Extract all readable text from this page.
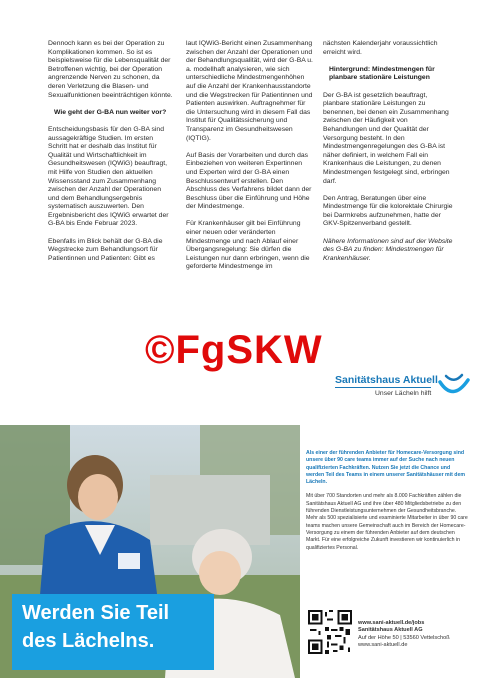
Dennoch kann es bei der Operation zu Komplikationen kommen. So ist es beispielsweise für die Lebensqualität der Betroffenen wichtig, bei der Operation angrenzende Nerven zu schonen, da deren Verletzung die Blasen- und Sexualfunktionen beeinträchtigen könnte.

Wie geht der G-BA nun weiter vor?

Entscheidungsbasis für den G-BA sind aussagekräftige Studien. Im ersten Schritt hat er deshalb das Institut für Qualität und Wirtschaftlichkeit im Gesundheitswesen (IQWiG) beauftragt, mit Hilfe von Studien den aktuellen Wissensstand zum Zusammenhang zwischen der Anzahl der Operationen und dem Behandlungsergebnis systematisch auszuwerten. Den Ergebnisbericht des IQWiG erwartet der G-BA bis Ende Februar 2023.

Ebenfalls im Blick behält der G-BA die Wegstrecke zum Behandlungsort für Patientinnen und Patienten: Gibt es

laut IQWiG-Bericht einen Zusammenhang zwischen der Anzahl der Operationen und der Behandlungsqualität, wird der G-BA u. a. modellhaft analysieren, wie sich unterschiedliche Mindestmengenhöhen auf die Anzahl der Krankenhausstandorte und die Wegstrecken für Patientinnen und Patienten auswirken. Auftragnehmer für die Untersuchung wird in diesem Fall das Institut für Qualitätssicherung und Transparenz im Gesundheitswesen (IQTIG).

Auf Basis der Vorarbeiten und durch das Einbeziehen von weiteren Expertinnen und Experten wird der G-BA einen Beschlussentwurf erstellen. Den Abschluss des Verfahrens bildet dann der Beschluss über die Einführung und Höhe der Mindestmenge.

Für Krankenhäuser gilt bei Einführung einer neuen oder veränderten Mindestmenge und nach Ablauf einer Übergangsregelung: Sie dürfen die Leistungen nur dann erbringen, wenn die geforderte Mindestmenge im

nächsten Kalenderjahr voraussichtlich erreicht wird.

Hintergrund: Mindestmengen für planbare stationäre Leistungen

Der G-BA ist gesetzlich beauftragt, planbare stationäre Leistungen zu benennen, bei denen ein Zusammenhang zwischen der Häufigkeit von Behandlungen und der Qualität der Versorgung besteht. In den Mindestmengenregelungen des G-BA ist näher definiert, in welchem Fall ein Krankenhaus die Leistungen, zu denen Mindestmengen festgelegt sind, erbringen darf.

Den Antrag, Beratungen über eine Mindestmenge für die kolorektale Chirurgie bei Darmkrebs aufzunehmen, hatte der GKV-Spitzenverband gestellt.

Nähere Informationen sind auf der Website des G-BA zu finden: Mindestmengen für Krankenhäuser.

©FgSKW
Sanitätshaus Aktuell
Unser Lächeln hilft

Als einer der führenden Anbieter für Homecare-Versorgung sind unsere über 90 care teams immer auf der Suche nach neuen qualifizierten Fachkräften. Nutzen Sie jetzt die Chance und werden Teil des Teams in einem unserer Sanitätshäuser mit dem Lächeln.

Mit über 700 Standorten und mehr als 8.000 Fachkräften zählen die Sanitätshaus Aktuell AG und ihre über 480 Mitgliedsbetriebe zu den führenden Dienstleistungsunternehmen der Gesundheitsbranche. Mehr als 500 spezialisierte und examinierte Mitarbeiter in über 90 care teams machen unsere Gemeinschaft auch im Bereich der Homecare-Versorgung zu einem der führenden Anbieter auf dem deutschen Markt. Für eine erfolgreiche Zukunft investieren wir kontinuierlich in qualifiziertes Personal.

Werden Sie Teil
des Lächelns.
www.sani-aktuell.de/jobs
Sanitätshaus Aktuell AG
Auf der Höhe 50 | 53560 Vettelschoß
www.sani-aktuell.de
